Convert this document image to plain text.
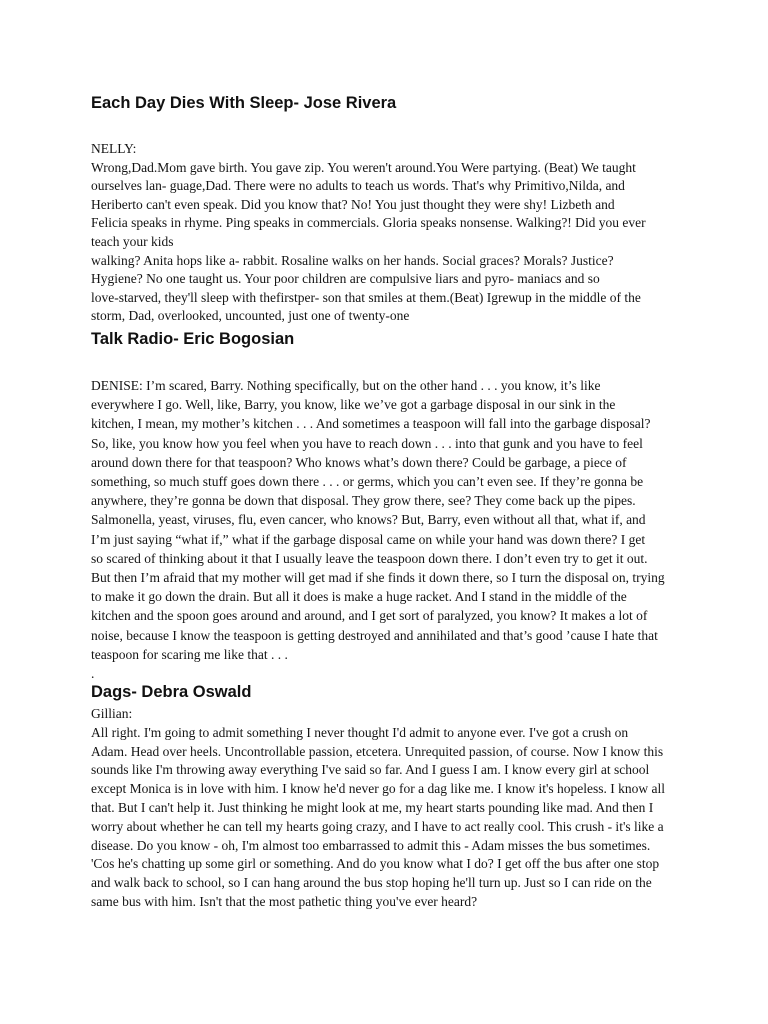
Each Day Dies With Sleep- Jose Rivera
NELLY:
Wrong,Dad.Mom gave birth. You gave zip. You weren't around.You Were partying. (Beat) We taught
ourselves lan- guage,Dad. There were no adults to teach us words. That's why Primitivo,Nilda, and
Heriberto can't even speak. Did you know that? No! You just thought they were shy! Lizbeth and
Felicia speaks in rhyme. Ping speaks in commercials. Gloria speaks nonsense. Walking?! Did you ever
teach your kids
walking? Anita hops like a- rabbit. Rosaline walks on her hands. Social graces? Morals? Justice?
Hygiene? No one taught us. Your poor children are compulsive liars and pyro- maniacs and so
love-starved, they'll sleep with thefirstper- son that smiles at them.(Beat) Igrewup in the middle of the
storm, Dad, overlooked, uncounted, just one of twenty-one
Talk Radio- Eric Bogosian
DENISE: I’m scared, Barry. Nothing specifically, but on the other hand . . . you know, it’s like
everywhere I go. Well, like, Barry, you know, like we’ve got a garbage disposal in our sink in the
kitchen, I mean, my mother’s kitchen . . . And sometimes a teaspoon will fall into the garbage disposal?
So, like, you know how you feel when you have to reach down . . . into that gunk and you have to feel
around down there for that teaspoon? Who knows what’s down there? Could be garbage, a piece of
something, so much stuff goes down there . . . or germs, which you can’t even see. If they’re gonna be
anywhere, they’re gonna be down that disposal. They grow there, see? They come back up the pipes.
Salmonella, yeast, viruses, flu, even cancer, who knows? But, Barry, even without all that, what if, and
I’m just saying “what if,” what if the garbage disposal came on while your hand was down there? I get
so scared of thinking about it that I usually leave the teaspoon down there. I don’t even try to get it out.
But then I’m afraid that my mother will get mad if she finds it down there, so I turn the disposal on, trying
to make it go down the drain. But all it does is make a huge racket. And I stand in the middle of the
kitchen and the spoon goes around and around, and I get sort of paralyzed, you know? It makes a lot of
noise, because I know the teaspoon is getting destroyed and annihilated and that’s good ’cause I hate that
teaspoon for scaring me like that . . .
.
Dags- Debra Oswald
Gillian:
All right. I'm going to admit something I never thought I'd admit to anyone ever. I've got a crush on
Adam. Head over heels. Uncontrollable passion, etcetera. Unrequited passion, of course. Now I know this
sounds like I'm throwing away everything I've said so far. And I guess I am. I know every girl at school
except Monica is in love with him. I know he'd never go for a dag like me. I know it's hopeless. I know all
that. But I can't help it. Just thinking he might look at me, my heart starts pounding like mad. And then I
worry about whether he can tell my hearts going crazy, and I have to act really cool. This crush - it's like a
disease. Do you know - oh, I'm almost too embarrassed to admit this - Adam misses the bus sometimes.
'Cos he's chatting up some girl or something. And do you know what I do? I get off the bus after one stop
and walk back to school, so I can hang around the bus stop hoping he'll turn up. Just so I can ride on the
same bus with him. Isn't that the most pathetic thing you've ever heard?
